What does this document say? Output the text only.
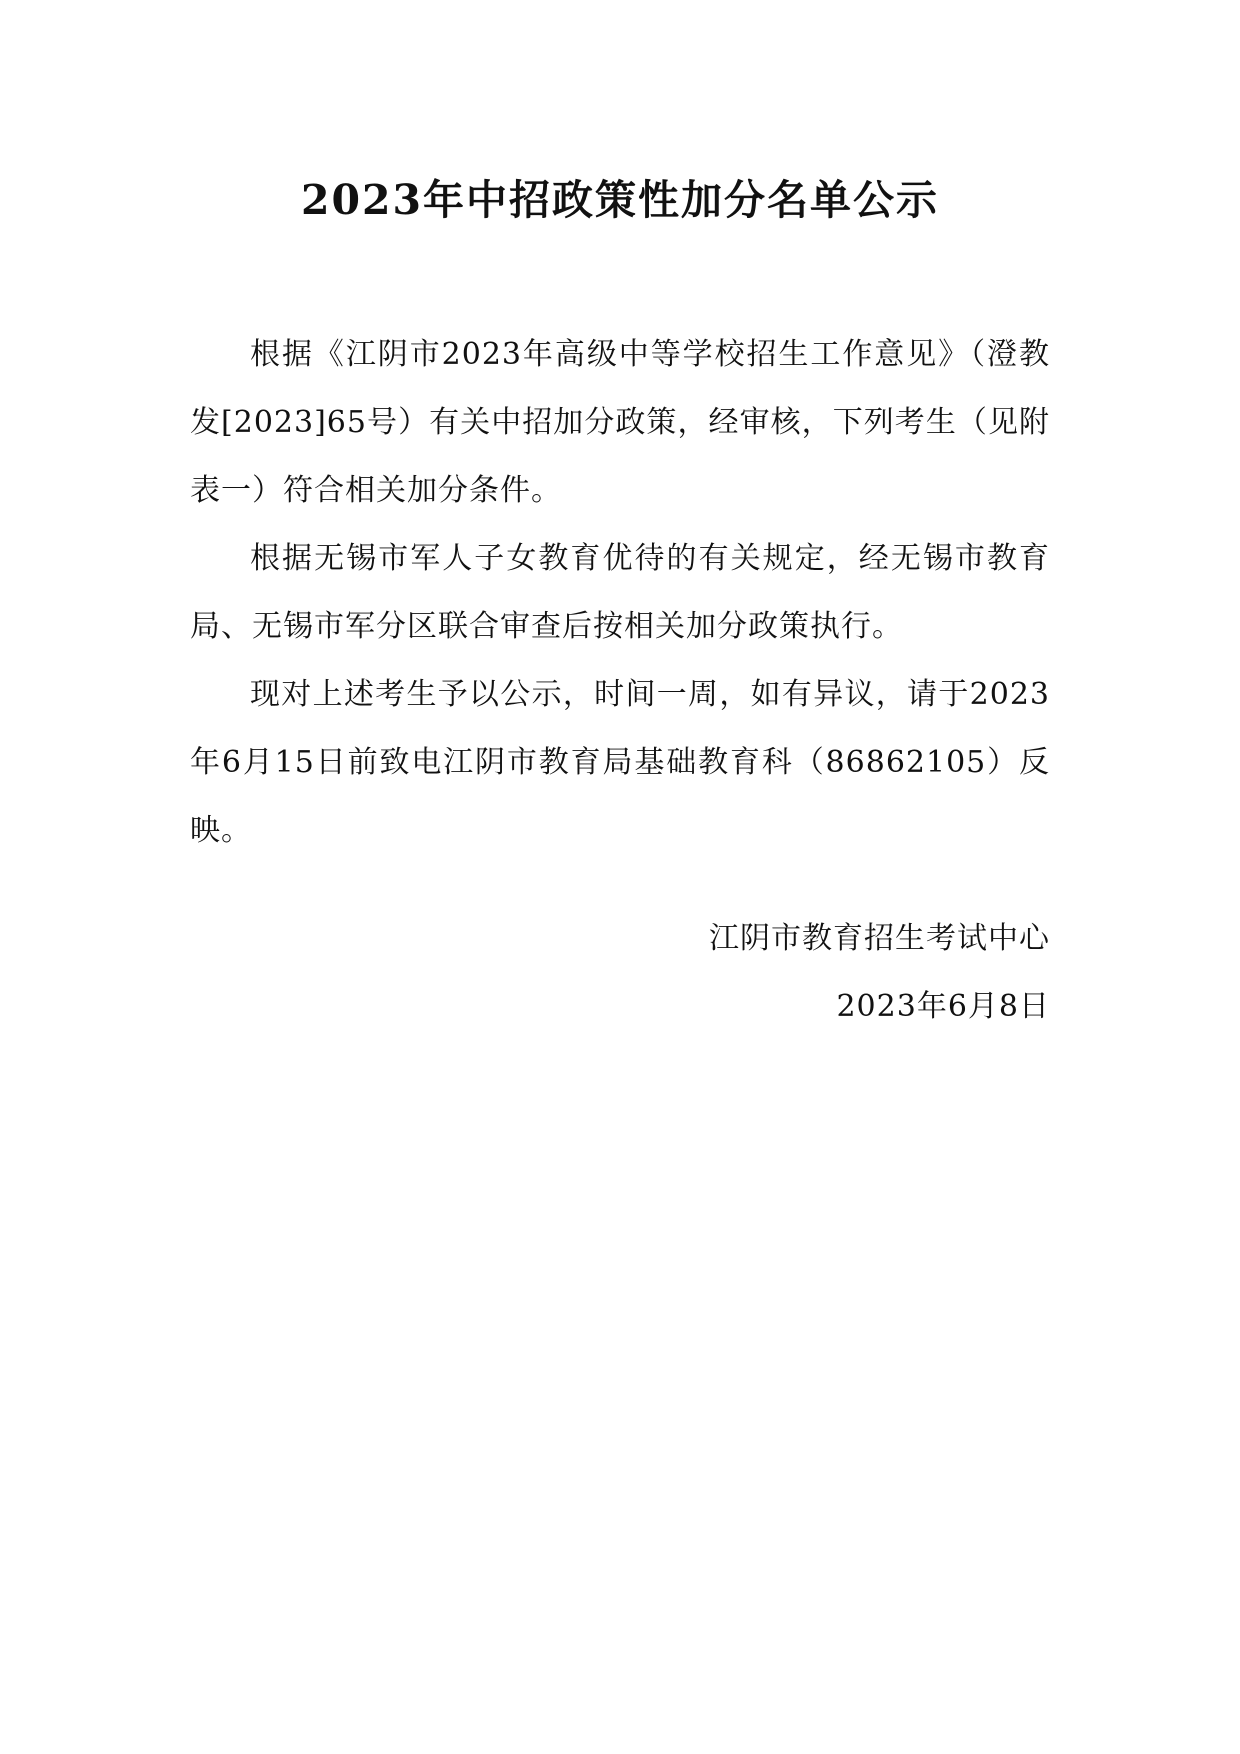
2023年中招政策性加分名单公示

根据《江阴市2023年高级中等学校招生工作意见》（澄教发[2023]65号）有关中招加分政策，经审核，下列考生（见附表一）符合相关加分条件。

根据无锡市军人子女教育优待的有关规定，经无锡市教育局、无锡市军分区联合审查后按相关加分政策执行。

现对上述考生予以公示，时间一周，如有异议，请于2023年6月15日前致电江阴市教育局基础教育科（86862105）反映。

江阴市教育招生考试中心
2023年6月8日
